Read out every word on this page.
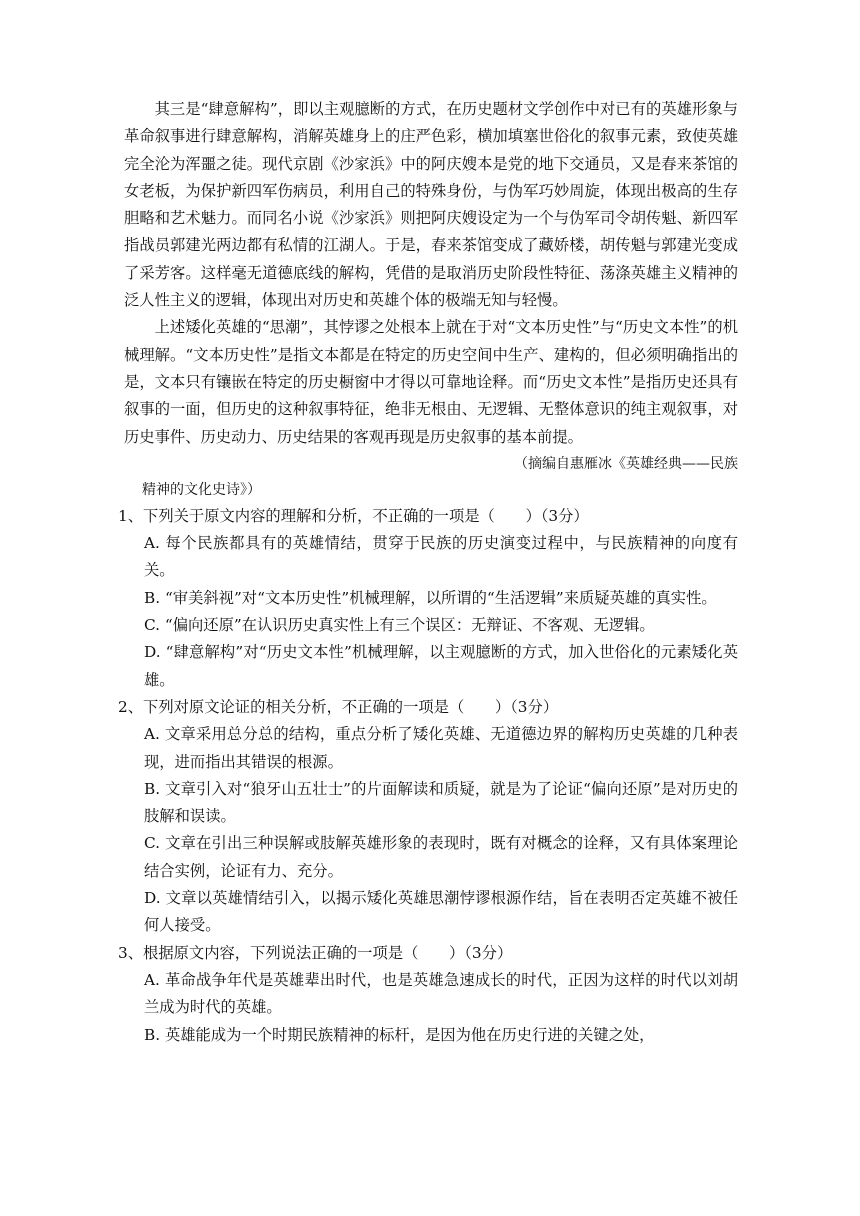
其三是“肆意解构”，即以主观臆断的方式，在历史题材文学创作中对已有的英雄形象与革命叙事进行肆意解构，消解英雄身上的庄严色彩，横加填塞世俗化的叙事元素，致使英雄完全沦为浑噩之徒。现代京剧《沙家浜》中的阿庆嫂本是党的地下交通员，又是春来茶馆的女老板，为保护新四军伤病员，利用自己的特殊身份，与伪军巧妙周旋，体现出极高的生存胆略和艺术魅力。而同名小说《沙家浜》则把阿庆嫂设定为一个与伪军司令胡传魁、新四军指战员郭建光两边都有私情的江湖人。于是，春来茶馆变成了藏娇楼，胡传魁与郭建光变成了采芳客。这样毫无道德底线的解构，凭借的是取消历史阶段性特征、荡涤英雄主义精神的泛人性主义的逻辑，体现出对历史和英雄个体的极端无知与轻慢。

上述矮化英雄的“思潮”，其悖谬之处根本上就在于对“文本历史性”与“历史文本性”的机械理解。“文本历史性”是指文本都是在特定的历史空间中生产、建构的，但必须明确指出的是，文本只有镶嵌在特定的历史橱窗中才得以可靠地诠释。而“历史文本性”是指历史还具有叙事的一面，但历史的这种叙事特征，绝非无根由、无逻辑、无整体意识的纯主观叙事，对历史事件、历史动力、历史结果的客观再现是历史叙事的基本前提。

（摘编自惠雁冰《英雄经典——民族

精神的文化史诗》）

1、下列关于原文内容的理解和分析，不正确的一项是（　　）（3分）

A. 每个民族都具有的英雄情结，贯穿于民族的历史演变过程中，与民族精神的向度有关。

B. “审美斜视”对“文本历史性”机械理解，以所谓的“生活逻辑”来质疑英雄的真实性。

C. “偏向还原”在认识历史真实性上有三个误区：无辩证、不客观、无逻辑。

D. “肆意解构”对“历史文本性”机械理解，以主观臆断的方式，加入世俗化的元素矮化英雄。

2、下列对原文论证的相关分析，不正确的一项是（　　）（3分）

A. 文章采用总分总的结构，重点分析了矮化英雄、无道德边界的解构历史英雄的几种表现，进而指出其错误的根源。

B. 文章引入对“狼牙山五壮士”的片面解读和质疑，就是为了论证“偏向还原”是对历史的肢解和误读。

C. 文章在引出三种误解或肢解英雄形象的表现时，既有对概念的诠释，又有具体案理论结合实例，论证有力、充分。

D. 文章以英雄情结引入，以揭示矮化英雄思潮悖谬根源作结，旨在表明否定英雄不被任何人接受。

3、根据原文内容，下列说法正确的一项是（　　）（3分）

A. 革命战争年代是英雄辈出时代，也是英雄急速成长的时代，正因为这样的时代以刘胡兰成为时代的英雄。

B. 英雄能成为一个时期民族精神的标杆，是因为他在历史行进的关键之处，
